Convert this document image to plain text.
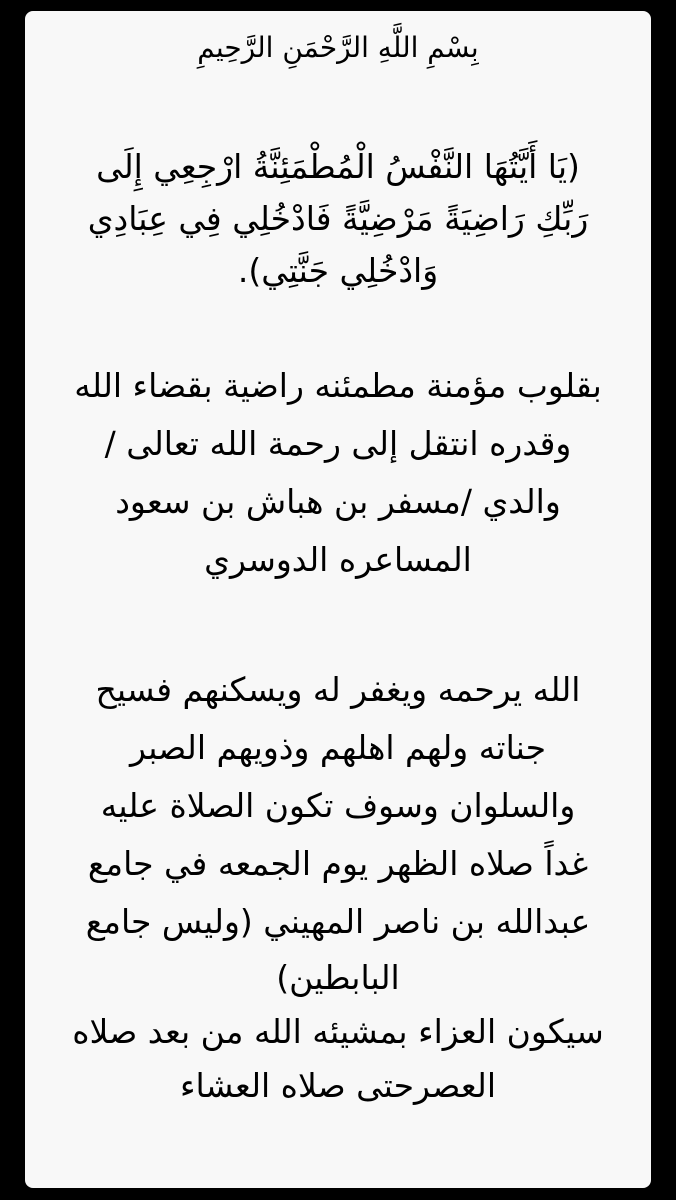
بِسْمِ اللَّهِ الرَّحْمَنِ الرَّحِيمِ
(يَا أَيَّتُهَا النَّفْسُ الْمُطْمَئِنَّةُ ارْجِعِي إِلَى
رَبِّكِ رَاضِيَةً مَرْضِيَّةً فَادْخُلِي فِي عِبَادِي
وَادْخُلِي جَنَّتِي).
بقلوب مؤمنة مطمئنه راضية بقضاء الله
وقدره انتقل إلى رحمة الله تعالى /
والدي /مسفر بن هباش بن سعود
المساعره الدوسري
الله يرحمه ويغفر له ويسكنهم فسيح
جناته ولهم اهلهم وذويهم الصبر
والسلوان وسوف تكون الصلاة عليه
غداً صلاه الظهر يوم الجمعه في جامع
عبدالله بن ناصر المهيني (وليس جامع
البابطين)
سيكون العزاء بمشيئه الله من بعد صلاه
العصرحتى صلاه العشاء
